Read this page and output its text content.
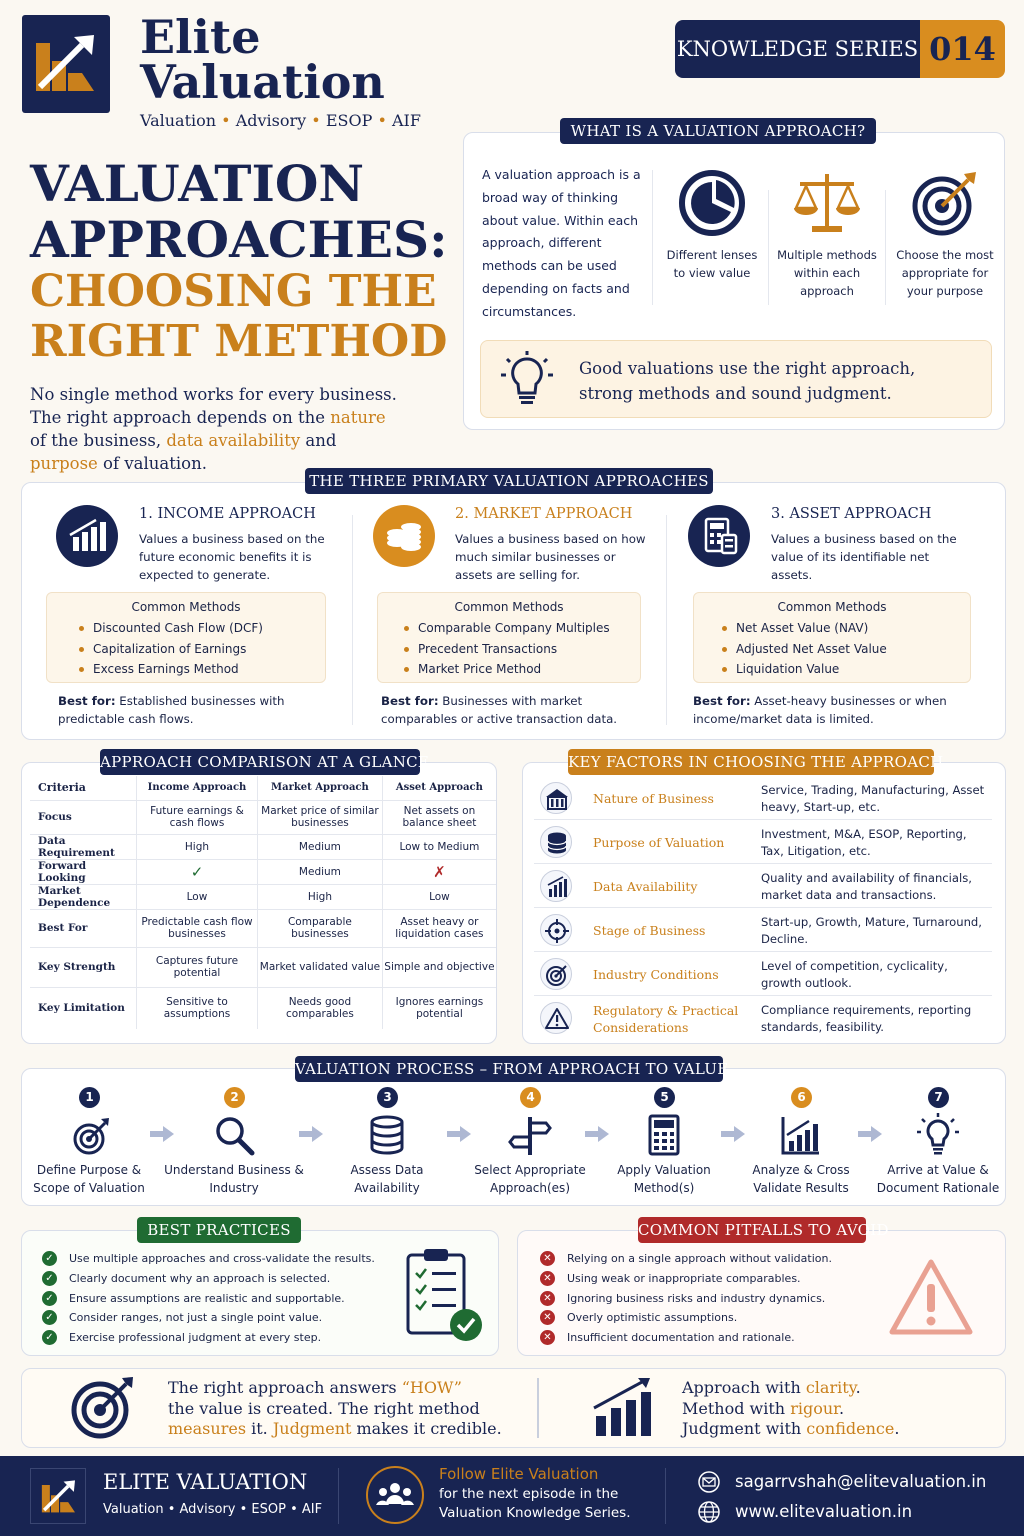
Elite
Valuation
Valuation • Advisory • ESOP • AIF
KNOWLEDGE SERIES 014
VALUATION
APPROACHES:
CHOOSING THE
RIGHT METHOD
No single method works for every business.
The right approach depends on the nature
of the business, data availability and
purpose of valuation.
WHAT IS A VALUATION APPROACH?
A valuation approach is a broad way of thinking about value. Within each approach, different methods can be used depending on facts and circumstances.
Different lenses to view value
Multiple methods within each approach
Choose the most appropriate for your purpose
Good valuations use the right approach,
strong methods and sound judgment.
THE THREE PRIMARY VALUATION APPROACHES
1. INCOME APPROACH
Values a business based on the future economic benefits it is expected to generate.
Common Methods
Discounted Cash Flow (DCF)
Capitalization of Earnings
Excess Earnings Method
Best for: Established businesses with predictable cash flows.
2. MARKET APPROACH
Values a business based on how much similar businesses or assets are selling for.
Common Methods
Comparable Company Multiples
Precedent Transactions
Market Price Method
Best for: Businesses with market comparables or active transaction data.
3. ASSET APPROACH
Values a business based on the value of its identifiable net assets.
Common Methods
Net Asset Value (NAV)
Adjusted Net Asset Value
Liquidation Value
Best for: Asset-heavy businesses or when income/market data is limited.
APPROACH COMPARISON AT A GLANCE
Criteria	Income Approach	Market Approach	Asset Approach
Focus	Future earnings & cash flows	Market price of similar businesses	Net assets on balance sheet
Data Requirement	High	Medium	Low to Medium
Forward Looking	✓	Medium	✗
Market Dependence	Low	High	Low
Best For	Predictable cash flow businesses	Comparable businesses	Asset heavy or liquidation cases
Key Strength	Captures future potential	Market validated value	Simple and objective
Key Limitation	Sensitive to assumptions	Needs good comparables	Ignores earnings potential
KEY FACTORS IN CHOOSING THE APPROACH
Nature of Business
Service, Trading, Manufacturing, Asset heavy, Start-up, etc.
Purpose of Valuation
Investment, M&A, ESOP, Reporting, Tax, Litigation, etc.
Data Availability
Quality and availability of financials, market data and transactions.
Stage of Business
Start-up, Growth, Mature, Turnaround, Decline.
Industry Conditions
Level of competition, cyclicality, growth outlook.
Regulatory & Practical Considerations
Compliance requirements, reporting standards, feasibility.
VALUATION PROCESS – FROM APPROACH TO VALUE
1
Define Purpose & Scope of Valuation
2
Understand Business & Industry
3
Assess Data Availability
4
Select Appropriate Approach(es)
5
Apply Valuation Method(s)
6
Analyze & Cross Validate Results
7
Arrive at Value & Document Rationale
BEST PRACTICES
✓	Use multiple approaches and cross-validate the results.
✓	Clearly document why an approach is selected.
✓	Ensure assumptions are realistic and supportable.
✓	Consider ranges, not just a single point value.
✓	Exercise professional judgment at every step.
COMMON PITFALLS TO AVOID
✕	Relying on a single approach without validation.
✕	Using weak or inappropriate comparables.
✕	Ignoring business risks and industry dynamics.
✕	Overly optimistic assumptions.
✕	Insufficient documentation and rationale.
The right approach answers “HOW”
the value is created. The right method
measures it. Judgment makes it credible.
Approach with clarity.
Method with rigour.
Judgment with confidence.
ELITE VALUATION
Valuation • Advisory • ESOP • AIF
Follow Elite Valuation
for the next episode in the
Valuation Knowledge Series.
sagarrvshah@elitevaluation.in
www.elitevaluation.in
